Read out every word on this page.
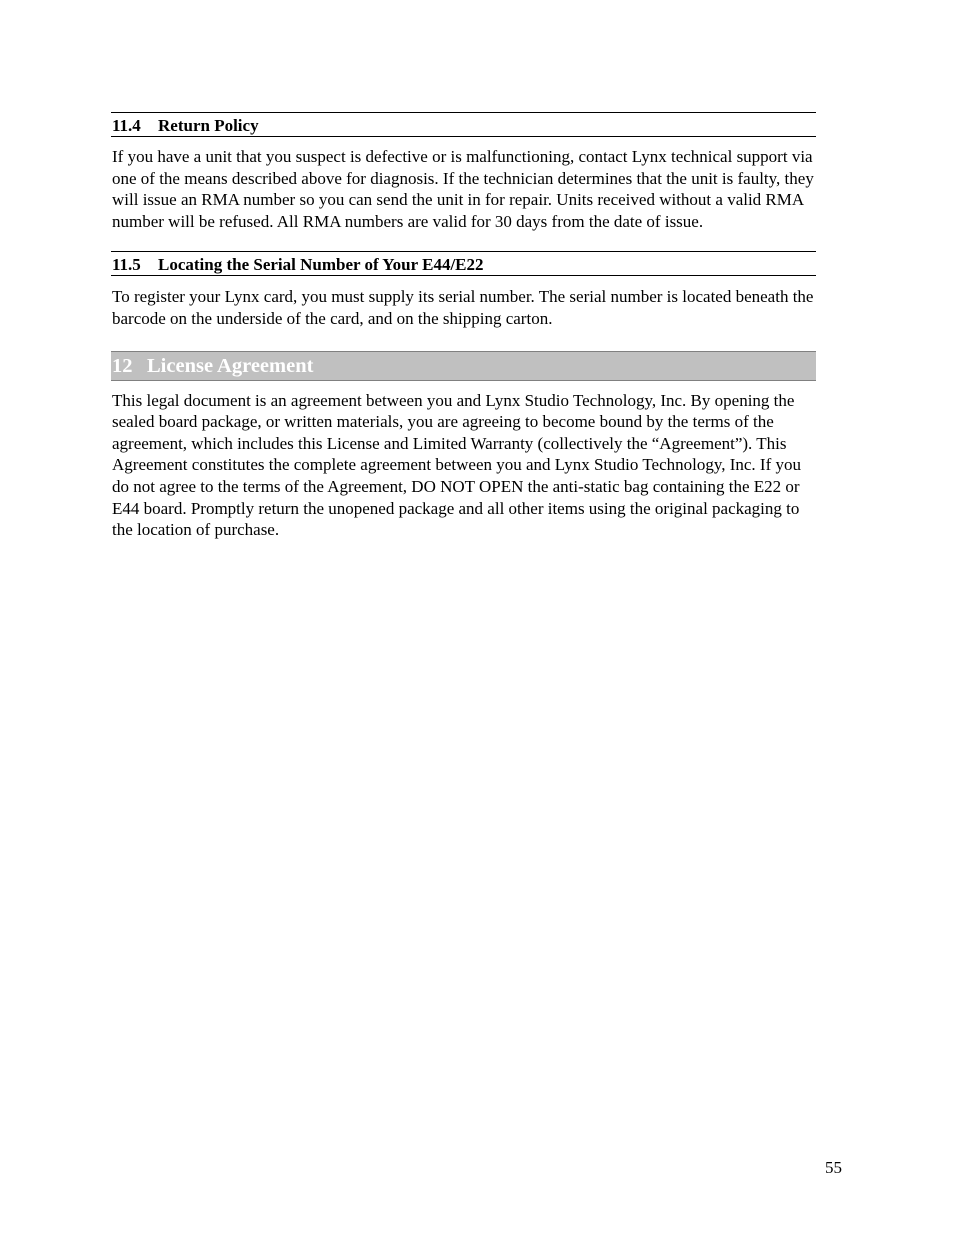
11.4 Return Policy

If you have a unit that you suspect is defective or is malfunctioning, contact Lynx technical support via one of the means described above for diagnosis. If the technician determines that the unit is faulty, they will issue an RMA number so you can send the unit in for repair. Units received without a valid RMA number will be refused. All RMA numbers are valid for 30 days from the date of issue.

11.5 Locating the Serial Number of Your E44/E22

To register your Lynx card, you must supply its serial number. The serial number is located beneath the barcode on the underside of the card, and on the shipping carton.

12 License Agreement

This legal document is an agreement between you and Lynx Studio Technology, Inc. By opening the sealed board package, or written materials, you are agreeing to become bound by the terms of the agreement, which includes this License and Limited Warranty (collectively the “Agreement”). This Agreement constitutes the complete agreement between you and Lynx Studio Technology, Inc. If you do not agree to the terms of the Agreement, DO NOT OPEN the anti-static bag containing the E22 or E44 board. Promptly return the unopened package and all other items using the original packaging to the location of purchase.

55
